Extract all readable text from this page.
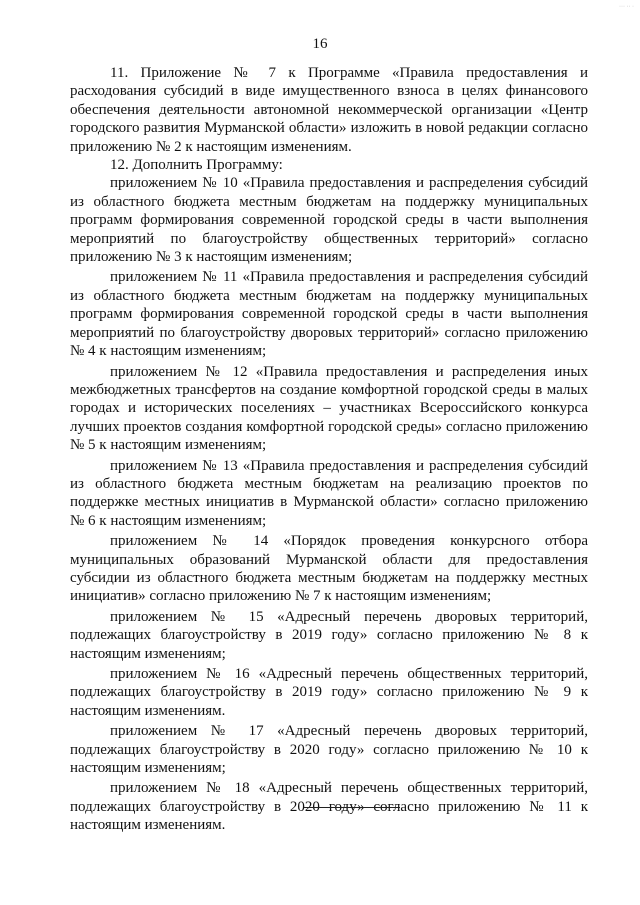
··· ·· ·
16

11. Приложение № 7 к Программе «Правила предоставления и расходования субсидий в виде имущественного взноса в целях финансового обеспечения деятельности автономной некоммерческой организации «Центр городского развития Мурманской области» изложить в новой редакции согласно приложению № 2 к настоящим изменениям.

12. Дополнить Программу:

приложением № 10 «Правила предоставления и распределения субсидий из областного бюджета местным бюджетам на поддержку муниципальных программ формирования современной городской среды в части выполнения мероприятий по благоустройству общественных территорий» согласно приложению № 3 к настоящим изменениям;

приложением № 11 «Правила предоставления и распределения субсидий из областного бюджета местным бюджетам на поддержку муниципальных программ формирования современной городской среды в части выполнения мероприятий по благоустройству дворовых территорий» согласно приложению № 4 к настоящим изменениям;

приложением № 12 «Правила предоставления и распределения иных межбюджетных трансфертов на создание комфортной городской среды в малых городах и исторических поселениях – участниках Всероссийского конкурса лучших проектов создания комфортной городской среды» согласно приложению № 5 к настоящим изменениям;

приложением № 13 «Правила предоставления и распределения субсидий из областного бюджета местным бюджетам на реализацию проектов по поддержке местных инициатив в Мурманской области» согласно приложению № 6 к настоящим изменениям;

приложением № 14 «Порядок проведения конкурсного отбора муниципальных образований Мурманской области для предоставления субсидии из областного бюджета местным бюджетам на поддержку местных инициатив» согласно приложению № 7 к настоящим изменениям;

приложением № 15 «Адресный перечень дворовых территорий, подлежащих благоустройству в 2019 году» согласно приложению № 8 к настоящим изменениям;

приложением № 16 «Адресный перечень общественных территорий, подлежащих благоустройству в 2019 году» согласно приложению № 9 к настоящим изменениям.

приложением № 17 «Адресный перечень дворовых территорий, подлежащих благоустройству в 2020 году» согласно приложению № 10 к настоящим изменениям;

приложением № 18 «Адресный перечень общественных территорий, подлежащих благоустройству в 2020 году» согласно приложению № 11 к настоящим изменениям.
